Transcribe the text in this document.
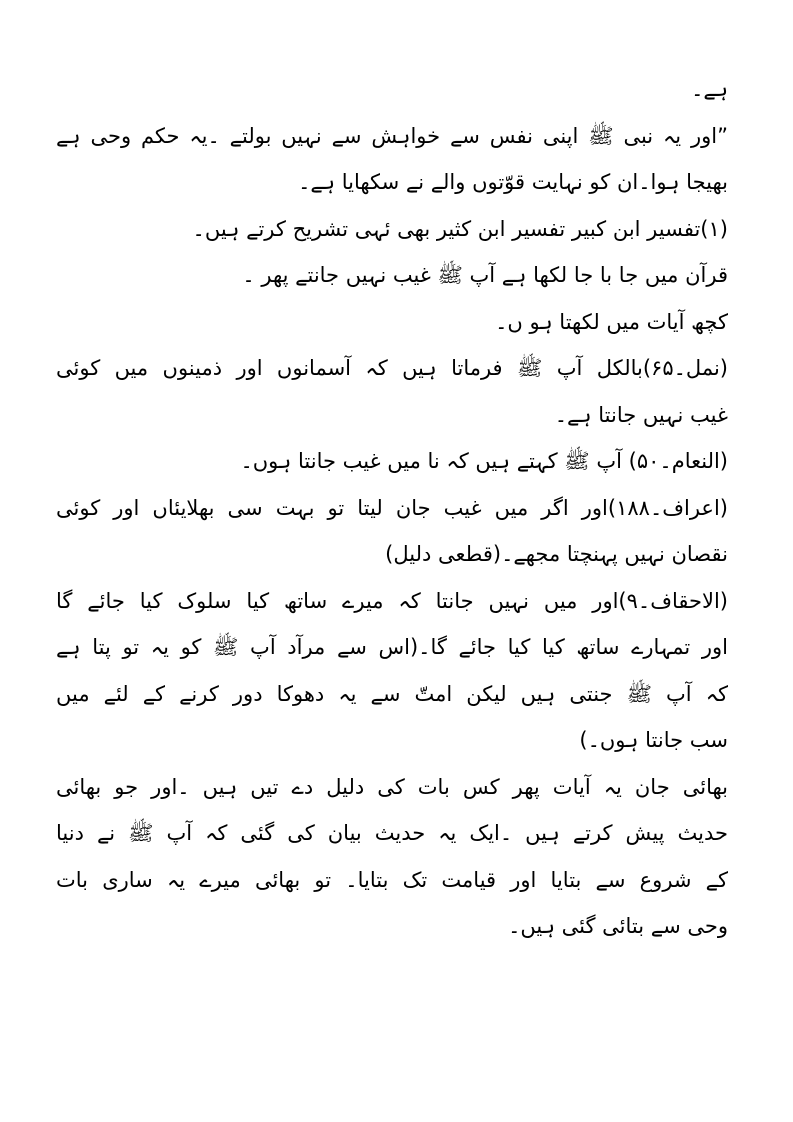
ہے۔
”اور یہ نبی ﷺ اپنی نفس سے خواہش سے نہیں بولتے ۔یہ حکم وحی ہے
بھیجا ہوا۔ان کو نہایت قوّتوں والے نے سکھایا ہے۔
(۱)تفسیر ابن کبیر تفسیر ابن کثیر بھی ئہی تشریح کرتے ہیں۔
قرآن میں جا با جا لکھا ہے آپ ﷺ غیب نہیں جانتے پھر ۔
کچھ آیات میں لکھتا ہو ں۔
(نمل۔۶۵)بالکل آپ ﷺ فرماتا ہیں کہ آسمانوں اور ذمینوں میں کوئی
غیب نہیں جانتا ہے۔
(النعام۔۵۰) آپ ﷺ کہتے ہیں کہ نا میں غیب جانتا ہوں۔
(اعراف۔۱۸۸)اور اگر میں غیب جان لیتا تو بہت سی بھلایئاں اور کوئی
نقصان نہیں پہنچتا مجھے۔(قطعی دلیل)
(الاحقاف۔۹)اور میں نہیں جانتا کہ میرے ساتھ کیا سلوک کیا جائے گا
اور تمہارے ساتھ کیا کیا جائے گا۔(اس سے مرآد آپ ﷺ کو یہ تو پتا ہے
کہ آپ ﷺ جنتی ہیں لیکن امتّ سے یہ دھوکا دور کرنے کے لئے میں
سب جانتا ہوں۔)
بھائی جان یہ آیات پھر کس بات کی دلیل دے تیں ہیں ۔اور جو بھائی
حدیث پیش کرتے ہیں ۔ایک یہ حدیث بیان کی گئی کہ آپ ﷺ نے دنیا
کے شروع سے بتایا اور قیامت تک بتایا۔ تو بھائی میرے یہ ساری بات
وحی سے بتائی گئی ہیں۔
